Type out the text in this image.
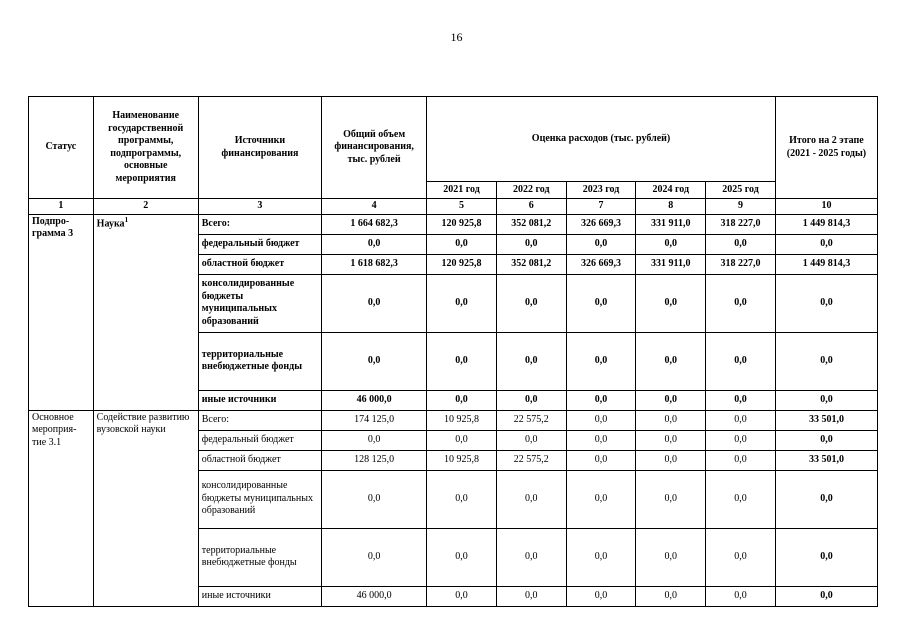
16
Статус	Наименование государственной программы, подпрограммы, основные мероприятия	Источники финансирования	Общий объем финансирования, тыс. рублей	Оценка расходов (тыс. рублей)					Итого на 2 этапе (2021 - 2025 годы)
				2021 год	2022 год	2023 год	2024 год	2025 год	
1	2	3	4	5	6	7	8	9	10
Подпро-грамма 3	Наука$^1$	Всего:	1 664 682,3	120 925,8	352 081,2	326 669,3	331 911,0	318 227,0	1 449 814,3
		федеральный бюджет	0,0	0,0	0,0	0,0	0,0	0,0	0,0
		областной бюджет	1 618 682,3	120 925,8	352 081,2	326 669,3	331 911,0	318 227,0	1 449 814,3
		консолидированные бюджеты муниципальных образований	0,0	0,0	0,0	0,0	0,0	0,0	0,0
		территориальные внебюджетные фонды	0,0	0,0	0,0	0,0	0,0	0,0	0,0
		иные источники	46 000,0	0,0	0,0	0,0	0,0	0,0	0,0
Основное мероприя-тие 3.1	Содействие развитию вузовской науки	Всего:	174 125,0	10 925,8	22 575,2	0,0	0,0	0,0	33 501,0
		федеральный бюджет	0,0	0,0	0,0	0,0	0,0	0,0	0,0
		областной бюджет	128 125,0	10 925,8	22 575,2	0,0	0,0	0,0	33 501,0
		консолидированные бюджеты муниципальных образований	0,0	0,0	0,0	0,0	0,0	0,0	0,0
		территориальные внебюджетные фонды	0,0	0,0	0,0	0,0	0,0	0,0	0,0
		иные источники	46 000,0	0,0	0,0	0,0	0,0	0,0	0,0
